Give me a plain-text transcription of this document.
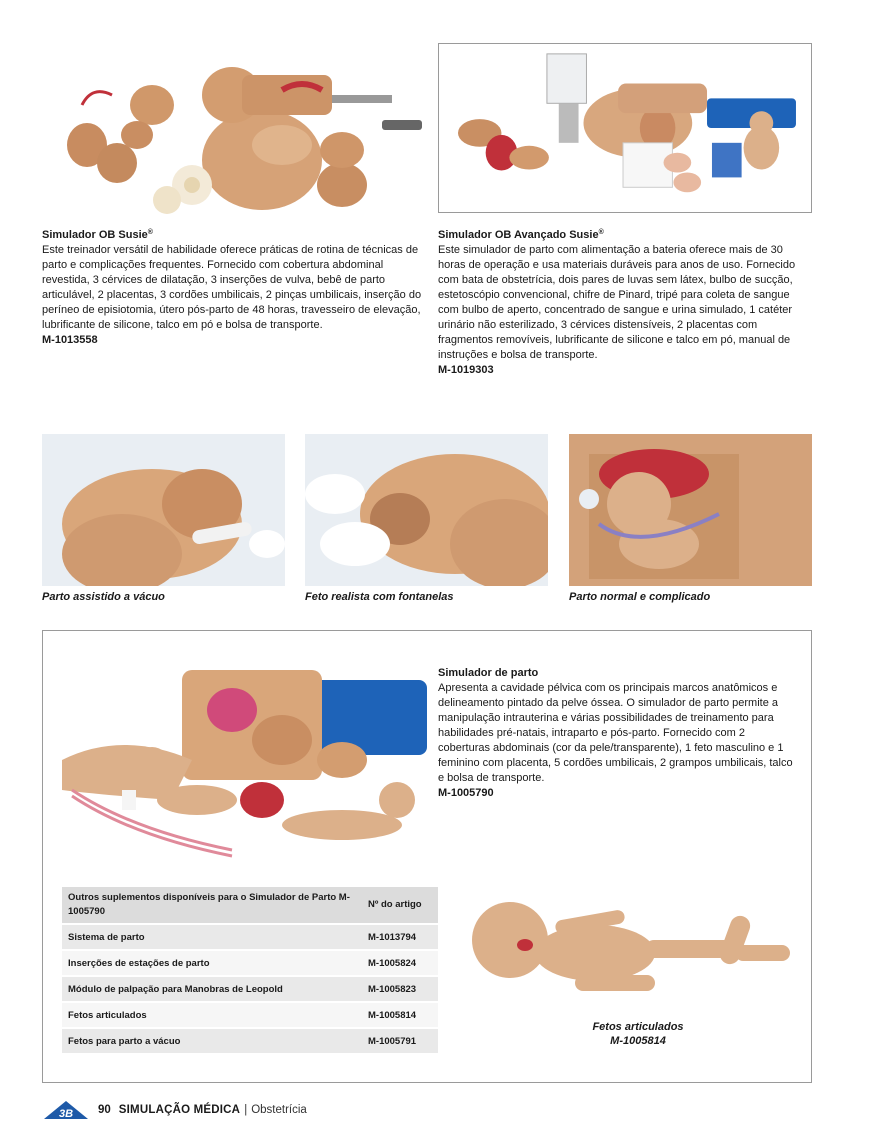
Simulador OB Susie®
Este treinador versátil de habilidade oferece práticas de rotina de técnicas de parto e complicações frequentes. Fornecido com cobertura abdominal revestida, 3 cérvices de dilatação, 3 inserções de vulva, bebê de parto articulável, 2 placentas, 3 cordões umbilicais, 2 pinças umbilicais, inserção do períneo de episiotomia, útero pós-parto de 48 horas, travesseiro de elevação, lubrificante de silicone, talco em pó e bolsa de transporte.
M-1013558
Simulador OB Avançado Susie®
Este simulador de parto com alimentação a bateria oferece mais de 30 horas de operação e usa materiais duráveis para anos de uso. Fornecido com bata de obstetrícia, dois pares de luvas sem látex, bulbo de sucção, estetoscópio convencional, chifre de Pinard, tripé para coleta de sangue com bulbo de aperto, concentrado de sangue e urina simulado, 1 catéter urinário não esterilizado, 3 cérvices distensíveis, 2 placentas com fragmentos removíveis, lubrificante de silicone e talco em pó, manual de instruções e bolsa de transporte.
M-1019303
Parto assistido a vácuo	Feto realista com fontanelas	Parto normal e complicado
Simulador de parto
Apresenta a cavidade pélvica com os principais marcos anatômicos e delineamento pintado da pelve óssea. O simulador de parto permite a manipulação intrauterina e várias possibilidades de treinamento para habilidades pré-natais, intraparto e pós-parto. Fornecido com 2 coberturas abdominais (cor da pele/transparente), 1 feto masculino e 1 feminino com placenta, 5 cordões umbilicais, 2 grampos umbilicais, talco e bolsa de transporte.
M-1005790
Outros suplementos disponíveis para o Simulador de Parto M-1005790	Nº do artigo
Sistema de parto	M-1013794
Inserções de estações de parto	M-1005824
Módulo de palpação para Manobras de Leopold	M-1005823
Fetos articulados	M-1005814
Fetos para parto a vácuo	M-1005791
Fetos articulados
M-1005814
3B 90 SIMULAÇÃO MÉDICA | Obstetrícia
